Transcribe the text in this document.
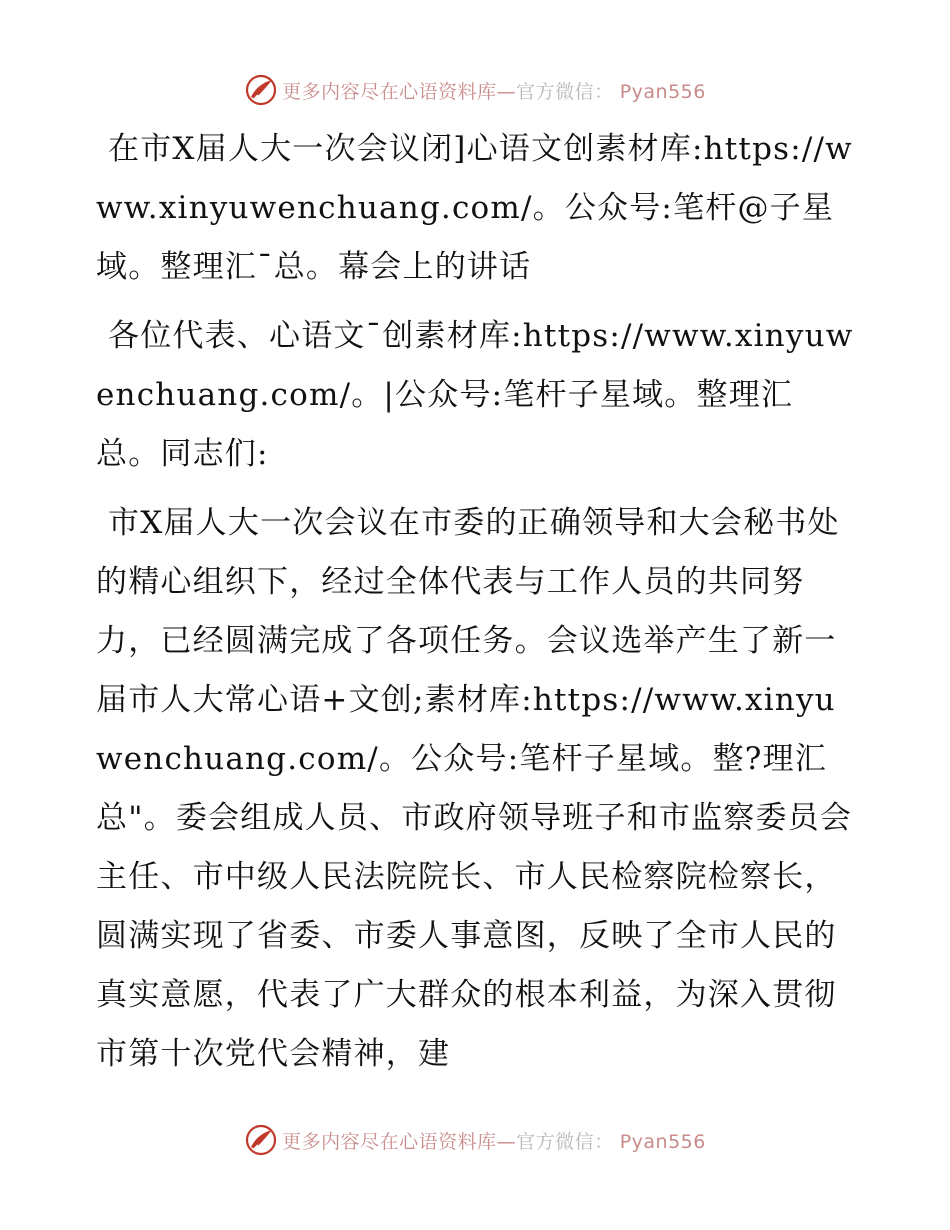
更多内容尽在心语资料库—官方微信： Pyan556

在市X届人大一次会议闭]心语文创素材库:https://www.xinyuwenchuang.com/。公众号:笔杆@子星域。整理汇¯总。幕会上的讲话

各位代表、心语文¯创素材库:https://www.xinyuwenchuang.com/。|公众号:笔杆子星域。整理汇总。同志们:

市X届人大一次会议在市委的正确领导和大会秘书处的精心组织下，经过全体代表与工作人员的共同努力，已经圆满完成了各项任务。会议选举产生了新一届市人大常心语+文创;素材库:https://www.xinyuwenchuang.com/。公众号:笔杆子星域。整?理汇总"。委会组成人员、市政府领导班子和市监察委员会主任、市中级人民法院院长、市人民检察院检察长，圆满实现了省委、市委人事意图，反映了全市人民的真实意愿，代表了广大群众的根本利益，为深入贯彻市第十次党代会精神，建

更多内容尽在心语资料库—官方微信： Pyan556
